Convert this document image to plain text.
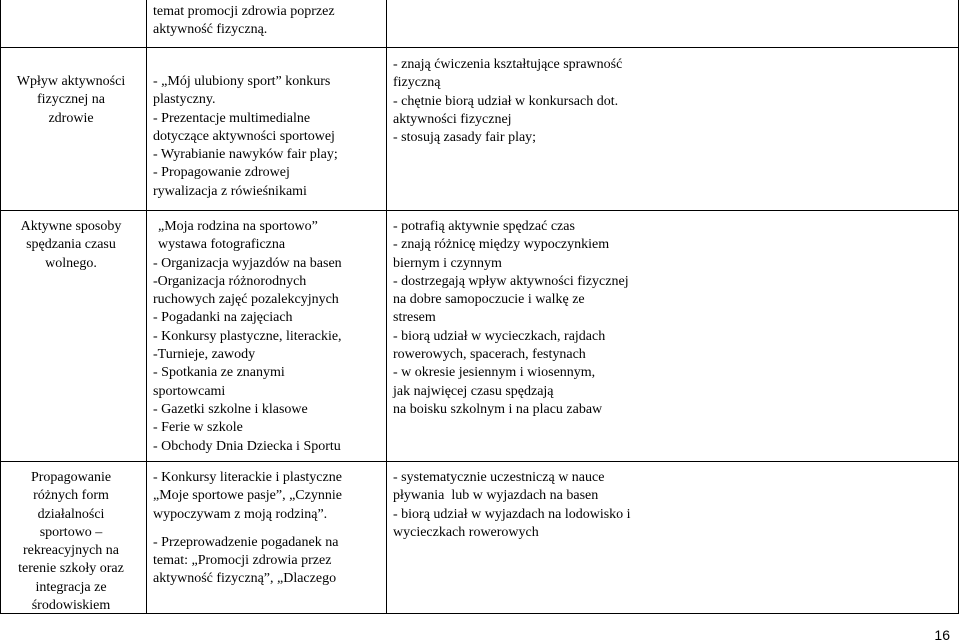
temat promocji zdrowia poprzez
aktywność fizyczną.
Wpływ aktywności
fizycznej na
zdrowie
- „Mój ulubiony sport” konkurs
plastyczny.
- Prezentacje multimedialne
dotyczące aktywności sportowej
- Wyrabianie nawyków fair play;
- Propagowanie zdrowej
rywalizacja z rówieśnikami
- znają ćwiczenia kształtujące sprawność
fizyczną
- chętnie biorą udział w konkursach dot.
aktywności fizycznej
- stosują zasady fair play;
Aktywne sposoby
spędzania czasu
wolnego.
„Moja rodzina na sportowo”
wystawa fotograficzna
- Organizacja wyjazdów na basen
-Organizacja różnorodnych
ruchowych zajęć pozalekcyjnych
- Pogadanki na zajęciach
- Konkursy plastyczne, literackie,
-Turnieje, zawody
- Spotkania ze znanymi
sportowcami
- Gazetki szkolne i klasowe
- Ferie w szkole
- Obchody Dnia Dziecka i Sportu
- potrafią aktywnie spędzać czas
- znają różnicę między wypoczynkiem
biernym i czynnym
- dostrzegają wpływ aktywności fizycznej
na dobre samopoczucie i walkę ze
stresem
- biorą udział w wycieczkach, rajdach
rowerowych, spacerach, festynach
- w okresie jesiennym i wiosennym,
jak najwięcej czasu spędzają
na boisku szkolnym i na placu zabaw
Propagowanie
różnych form
działalności
sportowo –
rekreacyjnych na
terenie szkoły oraz
integracja ze
środowiskiem
- Konkursy literackie i plastyczne
„Moje sportowe pasje”, „Czynnie
wypoczywam z moją rodziną”.
- Przeprowadzenie pogadanek na
temat: „Promocji zdrowia przez
aktywność fizyczną”, „Dlaczego
- systematycznie uczestniczą w nauce
pływania  lub w wyjazdach na basen
- biorą udział w wyjazdach na lodowisko i
wycieczkach rowerowych
16
